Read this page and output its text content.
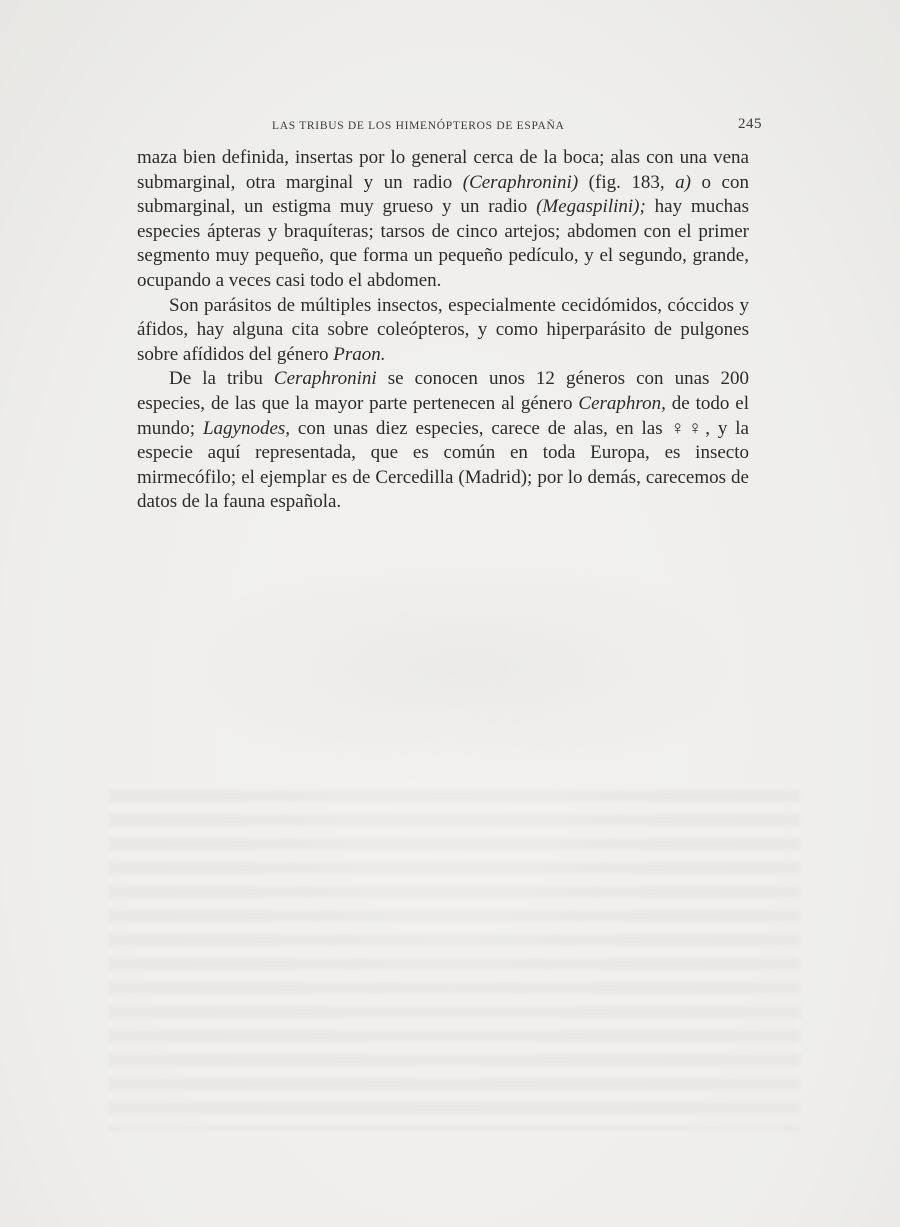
LAS TRIBUS DE LOS HIMENÓPTEROS DE ESPAÑA	245

maza bien definida, insertas por lo general cerca de la boca; alas con una vena submarginal, otra marginal y un radio (Ceraphronini) (fig. 183, a) o con submarginal, un estigma muy grueso y un radio (Megaspilini); hay muchas especies ápteras y braquíteras; tarsos de cinco artejos; abdomen con el primer segmento muy pequeño, que forma un pequeño pedículo, y el segundo, grande, ocupando a veces casi todo el abdomen.

Son parásitos de múltiples insectos, especialmente cecidómidos, cóccidos y áfidos, hay alguna cita sobre coleópteros, y como hiperparásito de pulgones sobre afídidos del género Praon.

De la tribu Ceraphronini se conocen unos 12 géneros con unas 200 especies, de las que la mayor parte pertenecen al género Ceraphron, de todo el mundo; Lagynodes, con unas diez especies, carece de alas, en las ♀♀, y la especie aquí representada, que es común en toda Europa, es insecto mirmecófilo; el ejemplar es de Cercedilla (Madrid); por lo demás, carecemos de datos de la fauna española.
